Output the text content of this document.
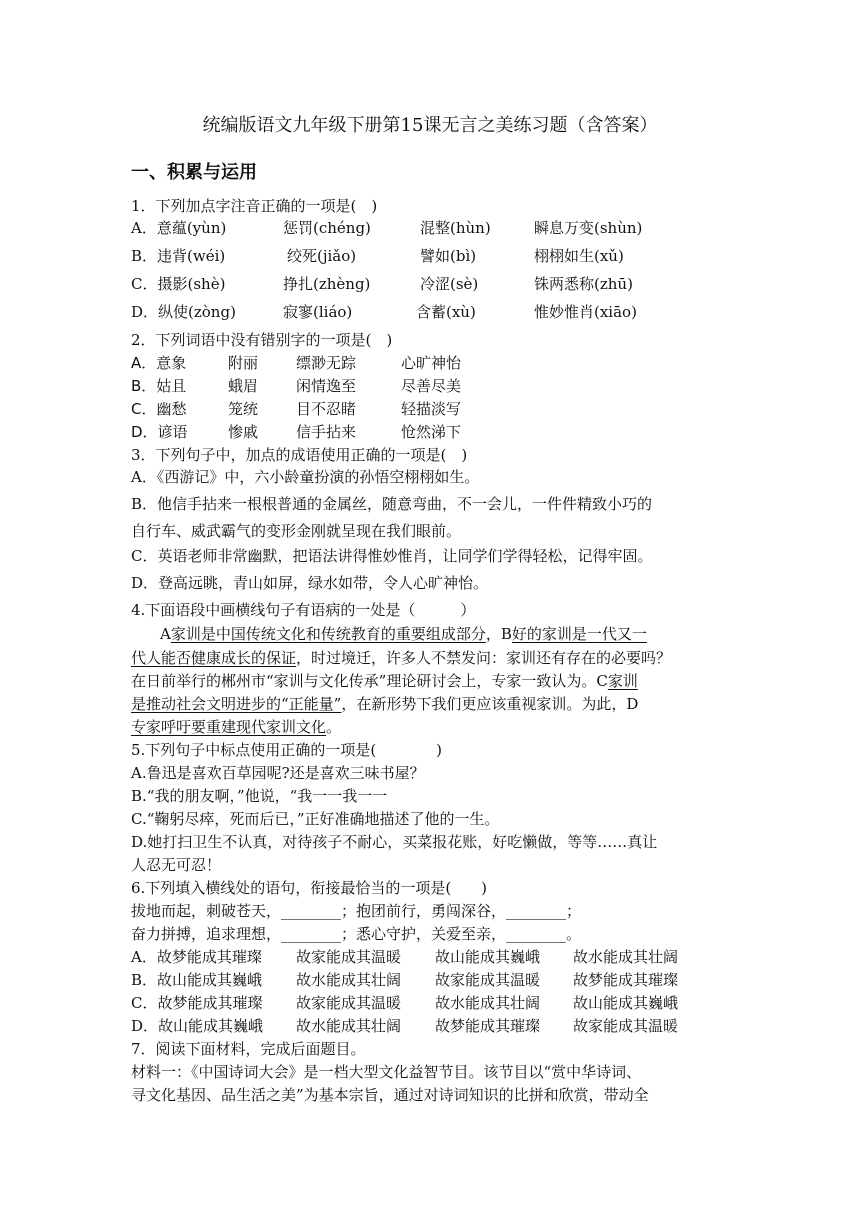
统编版语文九年级下册第15课无言之美练习题（含答案）
一、积累与运用
1．下列加点字注音正确的一项是(　)
A．意蕴(yùn)	惩罚(chéng)	混整(hùn)	瞬息万变(shùn)
B．违背(wéi)	绞死(jiǎo)	譬如(bì)	栩栩如生(xǔ)
C．摄影(shè)	挣扎(zhèng)	冷涩(sè)	铢两悉称(zhū)
D．纵使(zòng)	寂寥(liáo)	含蓄(xù)	惟妙惟肖(xiāo)
2．下列词语中没有错别字的一项是(　)
A．意象	附丽	缥渺无踪	心旷神怡
B．姑且	蛾眉	闲情逸至	尽善尽美
C．幽愁	笼统	目不忍睹	轻描淡写
D．谚语	惨戚	信手拈来	怆然涕下
3．下列句子中，加点的成语使用正确的一项是(　)
A．《西游记》中，六小龄童扮演的孙悟空栩栩如生。
B．他信手拈来一根根普通的金属丝，随意弯曲，不一会儿，一件件精致小巧的
自行车、威武霸气的变形金刚就呈现在我们眼前。
C．英语老师非常幽默，把语法讲得惟妙惟肖，让同学们学得轻松，记得牢固。
D．登高远眺，青山如屏，绿水如带，令人心旷神怡。
4.下面语段中画横线句子有语病的一处是（　　　）
A家训是中国传统文化和传统教育的重要组成部分，B好的家训是一代又一
代人能否健康成长的保证，时过境迁，许多人不禁发问：家训还有存在的必要吗？
在日前举行的郴州市“家训与文化传承”理论研讨会上，专家一致认为。C家训
是推动社会文明进步的“正能量”，在新形势下我们更应该重视家训。为此，D
专家呼吁要重建现代家训文化。
5.下列句子中标点使用正确的一项是(　　　　)
A.鲁迅是喜欢百草园呢?还是喜欢三味书屋？
B.“我的朋友啊，”他说，“我一一我一一
C.“鞠躬尽瘁，死而后已，”正好准确地描述了他的一生。
D.她打扫卫生不认真，对待孩子不耐心，买菜报花账，好吃懒做，等等……真让
人忍无可忍！
6.下列填入横线处的语句，衔接最恰当的一项是(　　)
拔地而起，刺破苍天，________；抱团前行，勇闯深谷，________；
奋力拼搏，追求理想，________；悉心守护，关爱至亲，________。
A．故梦能成其璀璨 故家能成其温暖 故山能成其巍峨 故水能成其壮阔
B．故山能成其巍峨 故水能成其壮阔 故家能成其温暖 故梦能成其璀璨
C．故梦能成其璀璨 故家能成其温暖 故水能成其壮阔 故山能成其巍峨
D．故山能成其巍峨 故水能成其壮阔 故梦能成其璀璨 故家能成其温暖
7．阅读下面材料，完成后面题目。
材料一：《中国诗词大会》是一档大型文化益智节目。该节目以“赏中华诗词、
寻文化基因、品生活之美”为基本宗旨，通过对诗词知识的比拼和欣赏，带动全
